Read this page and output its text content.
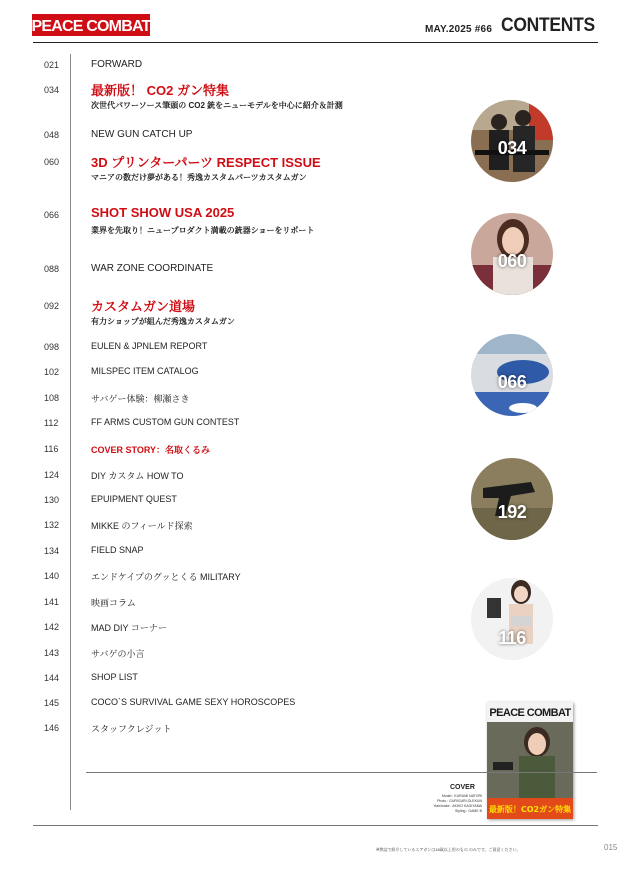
PEACE COMBAT	MAY.2025 #66 CONTENTS
021	FORWARD
034 最新版！ CO2 ガン特集
次世代パワーソース筆頭の CO2 銃をニューモデルを中心に紹介＆計測
048	NEW GUN CATCH UP
060 3D プリンターパーツ RESPECT ISSUE
マニアの数だけ夢がある！秀逸カスタムパーツカスタムガン
066 SHOT SHOW USA 2025
業界を先取り！ニュープロダクト満載の銃器ショーをリポート
088	WAR ZONE COORDINATE
092 カスタムガン道場
有力ショップが組んだ秀逸カスタムガン
098	EULEN & JPNLEM REPORT
102	MILSPEC ITEM CATALOG
108	サバゲー体験：柳瀬さき
112	FF ARMS CUSTOM GUN CONTEST
116	COVER STORY：名取くるみ
124	DIY カスタム HOW TO
130	EPUIPMENT QUEST
132	MIKKE のフィールド探索
134	FIELD SNAP
140	エンドケイプのグッとくる MILITARY
141	映画コラム
142	MAD DIY コーナー
143	サバゲの小言
144	SHOP LIST
145	COCO`S SURVIVAL GAME SEXY HOROSCOPES
146	スタッフクレジット
034
060
066
192
116
PEACE COMBAT
最新版！CO2ガン特集
COVER
Model : KURUMI NATORI
Photo : GURIGURI,OLEKUN
Hair/make : AKIKO KAGIYAMA
Styling : GAME B
※弊誌で紹介しているエアガンは18歳以上用のもの のみです。ご留意ください。	015
